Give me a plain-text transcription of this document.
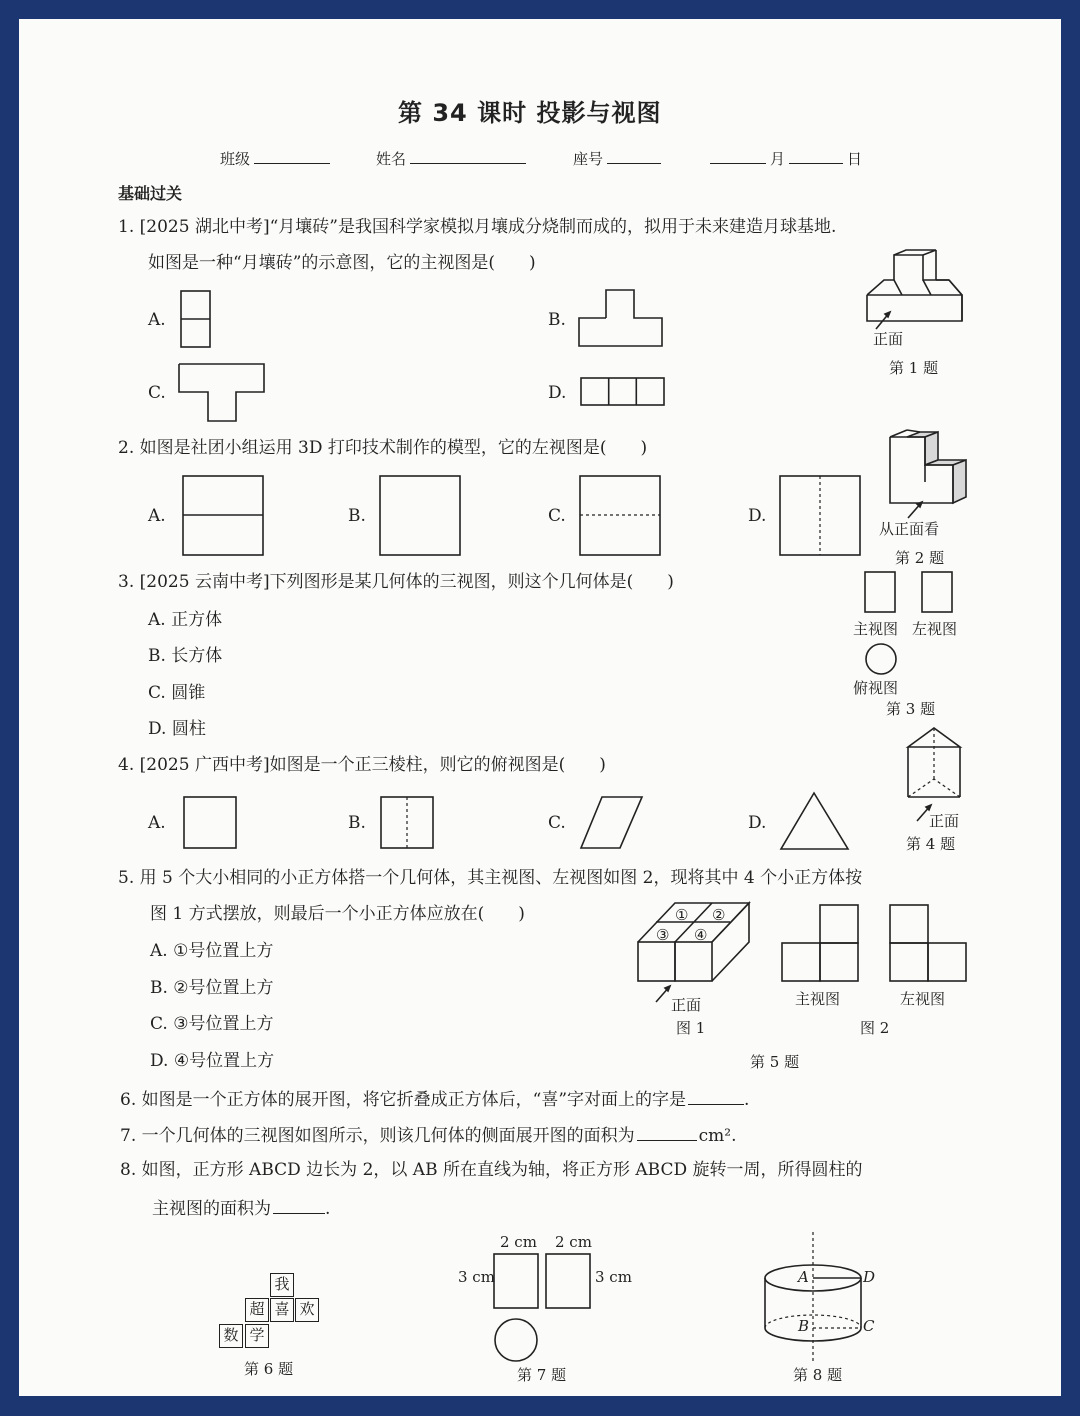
第 34 课时 投影与视图
班级	姓名	座号	月	日
基础过关
1. [2025 湖北中考]“月壤砖”是我国科学家模拟月壤成分烧制而成的，拟用于未来建造月球基地.
如图是一种“月壤砖”的示意图，它的主视图是(　　)
A.	B.
C.	D.
正面
第 1 题
2. 如图是社团小组运用 3D 打印技术制作的模型，它的左视图是(　　)
A.	B.	C.	D.
从正面看
第 2 题
3. [2025 云南中考]下列图形是某几何体的三视图，则这个几何体是(　　)
A. 正方体
B. 长方体
C. 圆锥
D. 圆柱
主视图 左视图
俯视图
第 3 题
4. [2025 广西中考]如图是一个正三棱柱，则它的俯视图是(　　)
A.	B.	C.	D.	正面
第 4 题
5. 用 5 个大小相同的小正方体搭一个几何体，其主视图、左视图如图 2，现将其中 4 个小正方体按
图 1 方式摆放，则最后一个小正方体应放在(　　)
A. ①号位置上方
B. ②号位置上方
C. ③号位置上方
D. ④号位置上方
① ②
③ ④
正面
图 1
主视图	左视图
图 2
第 5 题
6. 如图是一个正方体的展开图，将它折叠成正方体后，“喜”字对面上的字是	.
7. 一个几何体的三视图如图所示，则该几何体的侧面展开图的面积为	cm².
8. 如图，正方形 ABCD 边长为 2，以 AB 所在直线为轴，将正方形 ABCD 旋转一周，所得圆柱的
主视图的面积为	.
我
超 喜 欢
数 学
第 6 题
2 cm 2 cm
3 cm	3 cm
第 7 题
A	D
B	C
第 8 题
